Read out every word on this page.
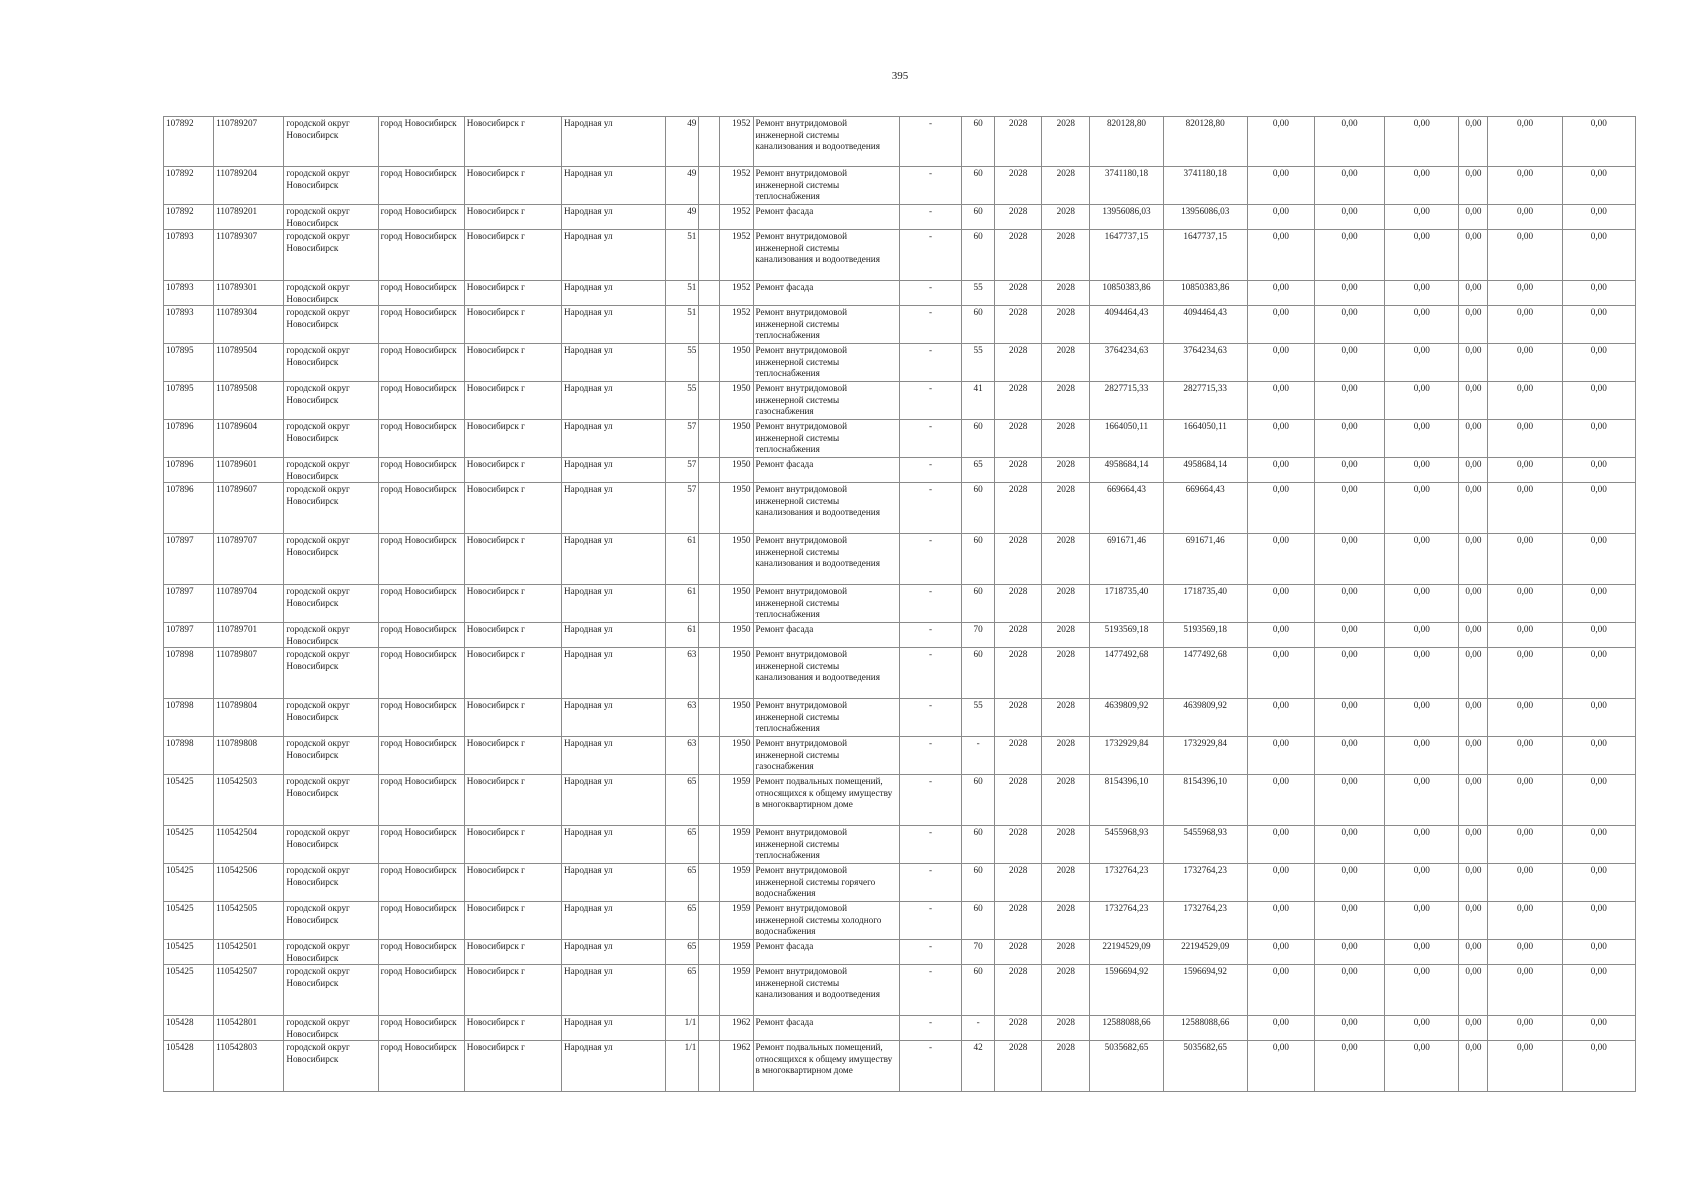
395
107892	110789207	городской округ Новосибирск	город Новосибирск	Новосибирск г	Народная ул	49		1952	Ремонт внутридомовой инженерной системы канализования и водоотведения	-	60	2028	2028	820128,80	820128,80	0,00	0,00	0,00	0,00	0,00	0,00
107892	110789204	городской округ Новосибирск	город Новосибирск	Новосибирск г	Народная ул	49		1952	Ремонт внутридомовой инженерной системы теплоснабжения	-	60	2028	2028	3741180,18	3741180,18	0,00	0,00	0,00	0,00	0,00	0,00
107892	110789201	городской округ Новосибирск	город Новосибирск	Новосибирск г	Народная ул	49		1952	Ремонт фасада	-	60	2028	2028	13956086,03	13956086,03	0,00	0,00	0,00	0,00	0,00	0,00
107893	110789307	городской округ Новосибирск	город Новосибирск	Новосибирск г	Народная ул	51		1952	Ремонт внутридомовой инженерной системы канализования и водоотведения	-	60	2028	2028	1647737,15	1647737,15	0,00	0,00	0,00	0,00	0,00	0,00
107893	110789301	городской округ Новосибирск	город Новосибирск	Новосибирск г	Народная ул	51		1952	Ремонт фасада	-	55	2028	2028	10850383,86	10850383,86	0,00	0,00	0,00	0,00	0,00	0,00
107893	110789304	городской округ Новосибирск	город Новосибирск	Новосибирск г	Народная ул	51		1952	Ремонт внутридомовой инженерной системы теплоснабжения	-	60	2028	2028	4094464,43	4094464,43	0,00	0,00	0,00	0,00	0,00	0,00
107895	110789504	городской округ Новосибирск	город Новосибирск	Новосибирск г	Народная ул	55		1950	Ремонт внутридомовой инженерной системы теплоснабжения	-	55	2028	2028	3764234,63	3764234,63	0,00	0,00	0,00	0,00	0,00	0,00
107895	110789508	городской округ Новосибирск	город Новосибирск	Новосибирск г	Народная ул	55		1950	Ремонт внутридомовой инженерной системы газоснабжения	-	41	2028	2028	2827715,33	2827715,33	0,00	0,00	0,00	0,00	0,00	0,00
107896	110789604	городской округ Новосибирск	город Новосибирск	Новосибирск г	Народная ул	57		1950	Ремонт внутридомовой инженерной системы теплоснабжения	-	60	2028	2028	1664050,11	1664050,11	0,00	0,00	0,00	0,00	0,00	0,00
107896	110789601	городской округ Новосибирск	город Новосибирск	Новосибирск г	Народная ул	57		1950	Ремонт фасада	-	65	2028	2028	4958684,14	4958684,14	0,00	0,00	0,00	0,00	0,00	0,00
107896	110789607	городской округ Новосибирск	город Новосибирск	Новосибирск г	Народная ул	57		1950	Ремонт внутридомовой инженерной системы канализования и водоотведения	-	60	2028	2028	669664,43	669664,43	0,00	0,00	0,00	0,00	0,00	0,00
107897	110789707	городской округ Новосибирск	город Новосибирск	Новосибирск г	Народная ул	61		1950	Ремонт внутридомовой инженерной системы канализования и водоотведения	-	60	2028	2028	691671,46	691671,46	0,00	0,00	0,00	0,00	0,00	0,00
107897	110789704	городской округ Новосибирск	город Новосибирск	Новосибирск г	Народная ул	61		1950	Ремонт внутридомовой инженерной системы теплоснабжения	-	60	2028	2028	1718735,40	1718735,40	0,00	0,00	0,00	0,00	0,00	0,00
107897	110789701	городской округ Новосибирск	город Новосибирск	Новосибирск г	Народная ул	61		1950	Ремонт фасада	-	70	2028	2028	5193569,18	5193569,18	0,00	0,00	0,00	0,00	0,00	0,00
107898	110789807	городской округ Новосибирск	город Новосибирск	Новосибирск г	Народная ул	63		1950	Ремонт внутридомовой инженерной системы канализования и водоотведения	-	60	2028	2028	1477492,68	1477492,68	0,00	0,00	0,00	0,00	0,00	0,00
107898	110789804	городской округ Новосибирск	город Новосибирск	Новосибирск г	Народная ул	63		1950	Ремонт внутридомовой инженерной системы теплоснабжения	-	55	2028	2028	4639809,92	4639809,92	0,00	0,00	0,00	0,00	0,00	0,00
107898	110789808	городской округ Новосибирск	город Новосибирск	Новосибирск г	Народная ул	63		1950	Ремонт внутридомовой инженерной системы газоснабжения	-	-	2028	2028	1732929,84	1732929,84	0,00	0,00	0,00	0,00	0,00	0,00
105425	110542503	городской округ Новосибирск	город Новосибирск	Новосибирск г	Народная ул	65		1959	Ремонт подвальных помещений, относящихся к общему имуществу в многоквартирном доме	-	60	2028	2028	8154396,10	8154396,10	0,00	0,00	0,00	0,00	0,00	0,00
105425	110542504	городской округ Новосибирск	город Новосибирск	Новосибирск г	Народная ул	65		1959	Ремонт внутридомовой инженерной системы теплоснабжения	-	60	2028	2028	5455968,93	5455968,93	0,00	0,00	0,00	0,00	0,00	0,00
105425	110542506	городской округ Новосибирск	город Новосибирск	Новосибирск г	Народная ул	65		1959	Ремонт внутридомовой инженерной системы горячего водоснабжения	-	60	2028	2028	1732764,23	1732764,23	0,00	0,00	0,00	0,00	0,00	0,00
105425	110542505	городской округ Новосибирск	город Новосибирск	Новосибирск г	Народная ул	65		1959	Ремонт внутридомовой инженерной системы холодного водоснабжения	-	60	2028	2028	1732764,23	1732764,23	0,00	0,00	0,00	0,00	0,00	0,00
105425	110542501	городской округ Новосибирск	город Новосибирск	Новосибирск г	Народная ул	65		1959	Ремонт фасада	-	70	2028	2028	22194529,09	22194529,09	0,00	0,00	0,00	0,00	0,00	0,00
105425	110542507	городской округ Новосибирск	город Новосибирск	Новосибирск г	Народная ул	65		1959	Ремонт внутридомовой инженерной системы канализования и водоотведения	-	60	2028	2028	1596694,92	1596694,92	0,00	0,00	0,00	0,00	0,00	0,00
105428	110542801	городской округ Новосибирск	город Новосибирск	Новосибирск г	Народная ул	1/1		1962	Ремонт фасада	-	-	2028	2028	12588088,66	12588088,66	0,00	0,00	0,00	0,00	0,00	0,00
105428	110542803	городской округ Новосибирск	город Новосибирск	Новосибирск г	Народная ул	1/1		1962	Ремонт подвальных помещений, относящихся к общему имуществу в многоквартирном доме	-	42	2028	2028	5035682,65	5035682,65	0,00	0,00	0,00	0,00	0,00	0,00
